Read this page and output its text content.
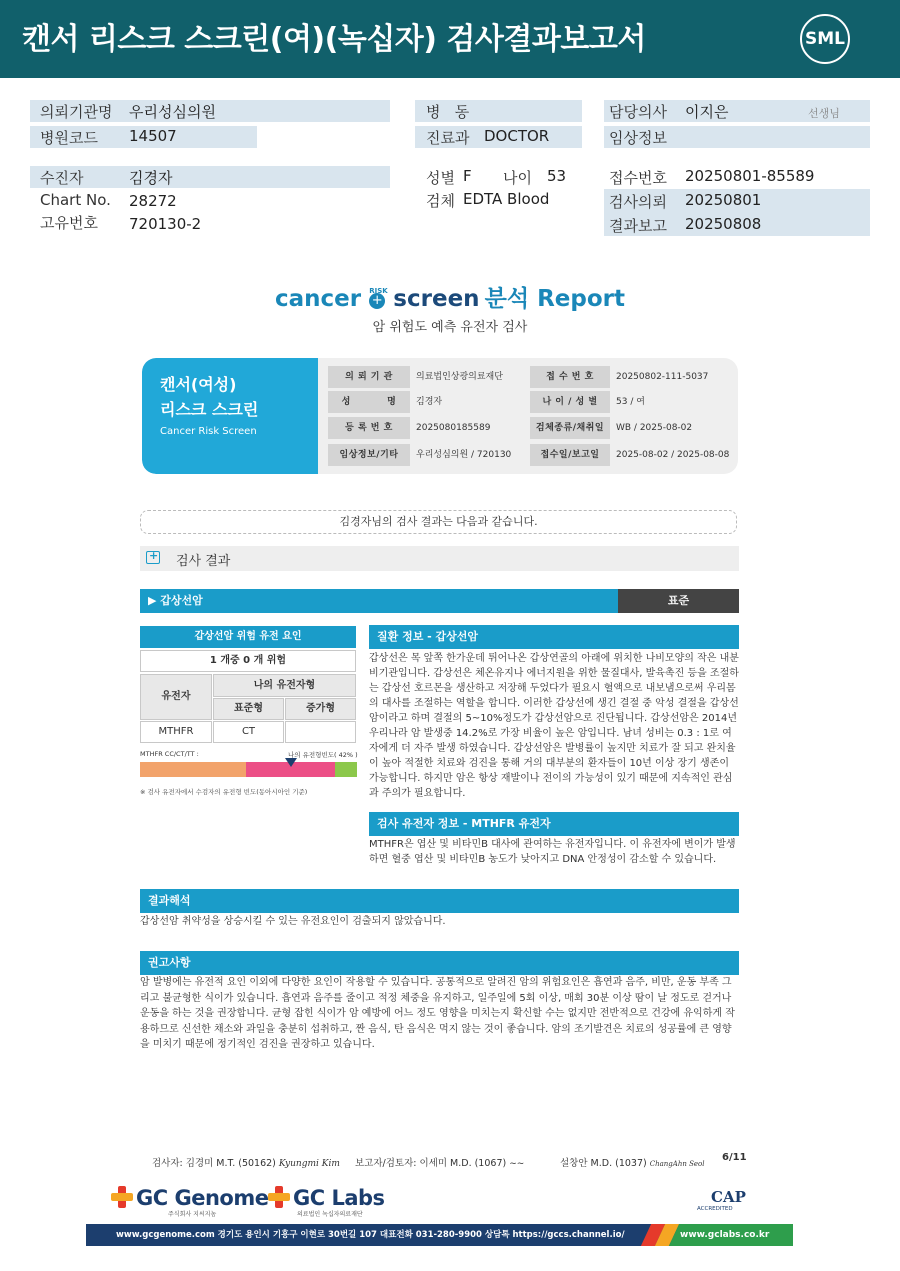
캔서 리스크 스크린(여)(녹십자) 검사결과보고서	SML
의뢰기관명 우리성심의원
병원코드 14507
병   동
진료과 DOCTOR
담당의사 이지은	선생님
임상정보
수진자	김경자
Chart No. 28272
고유번호 720130-2
성별 F 나이 53
검체 EDTA Blood
접수번호 20250801-85589
검사의뢰 20250801
결과보고 20250808
cancer RISK
+ screen 분석 Report
암 위험도 예측 유전자 검사
캔서(여성)
리스크 스크린
Cancer Risk Screen
의 뢰 기 관	의료법인상광의료재단	접 수 번 호	20250802-111-5037
성          명	김경자	나 이 / 성 별	53 / 여
등 록 번 호	2025080185589	검체종류/채취일	WB / 2025-08-02
임상정보/기타	우리성심의원 / 720130	접수일/보고일	2025-08-02 / 2025-08-08
김경자님의 검사 결과는 다음과 같습니다.
+
검사 결과
▶ 갑상선암	표준
갑상선암 위험 유전 요인
1 개중 0 개 위험
유전자
나의 유전자형
표준형	증가형
MTHFR	CT
MTHFR CC/CT/TT :	나의 유전형빈도( 42% )
※ 검사 유전자에서 수검자의 유전형 빈도(동아시아인 기준)
질환 정보 - 갑상선암
갑상선은 목 앞쪽 한가운데 튀어나온 갑상연골의 아래에 위치한 나비모양의 작은 내분비기관입니다. 갑상선은 체온유지나 에너지원을 위한 물질대사, 발육촉진 등을 조절하는 갑상선 호르몬을 생산하고 저장해 두었다가 필요시 혈액으로 내보냄으로써 우리몸의 대사를 조절하는 역할을 합니다. 이러한 갑상선에 생긴 결절 중 악성 결절을 갑상선암이라고 하며 결절의 5~10%정도가 갑상선암으로 진단됩니다. 갑상선암은 2014년 우리나라 암 발생중 14.2%로 가장 비율이 높은 암입니다. 남녀 성비는 0.3 : 1로 여자에게 더 자주 발생 하였습니다. 갑상선암은 발병률이 높지만 치료가 잘 되고 완치율이 높아 적절한 치료와 검진을 통해 거의 대부분의 환자들이 10년 이상 장기 생존이 가능합니다. 하지만 암은 항상 재발이나 전이의 가능성이 있기 때문에 지속적인 관심과 주의가 필요합니다.
검사 유전자 정보 - MTHFR 유전자
MTHFR은 엽산 및 비타민B 대사에 관여하는 유전자입니다. 이 유전자에 변이가 발생하면 혈중 엽산 및 비타민B 농도가 낮아지고 DNA 안정성이 감소할 수 있습니다.
결과해석
갑상선암 취약성을 상승시킬 수 있는 유전요인이 검출되지 않았습니다.
권고사항
암 발병에는 유전적 요인 이외에 다양한 요인이 작용할 수 있습니다. 공통적으로 알려진 암의 위험요인은 흡연과 음주, 비만, 운동 부족 그리고 불균형한 식이가 있습니다. 흡연과 음주를 줄이고 적정 체중을 유지하고, 일주일에 5회 이상, 매회 30분 이상 땀이 날 정도로 걷거나 운동을 하는 것을 권장합니다. 균형 잡힌 식이가 암 예방에 어느 정도 영향을 미치는지 확신할 수는 없지만 전반적으로 건강에 유익하게 작용하므로 신선한 채소와 과일을 충분히 섭취하고, 짠 음식, 탄 음식은 먹지 않는 것이 좋습니다. 암의 조기발견은 치료의 성공률에 큰 영향을 미치기 때문에 정기적인 검진을 권장하고 있습니다.
검사자: 김경미 M.T. (50162) Kyungmi Kim 보고자/검토자: 이세미 M.D. (1067) ~~	설창안 M.D. (1037) ChangAhn Seol
6/11
GC Genome
주식회사 지씨지놈
GC Labs
의료법인 녹십자의료재단
CAP
ACCREDITED
www.gcgenome.com 경기도 용인시 기흥구 이현로 30번길 107 대표전화 031-280-9900 상담톡 https://gccs.channel.io/	www.gclabs.co.kr
